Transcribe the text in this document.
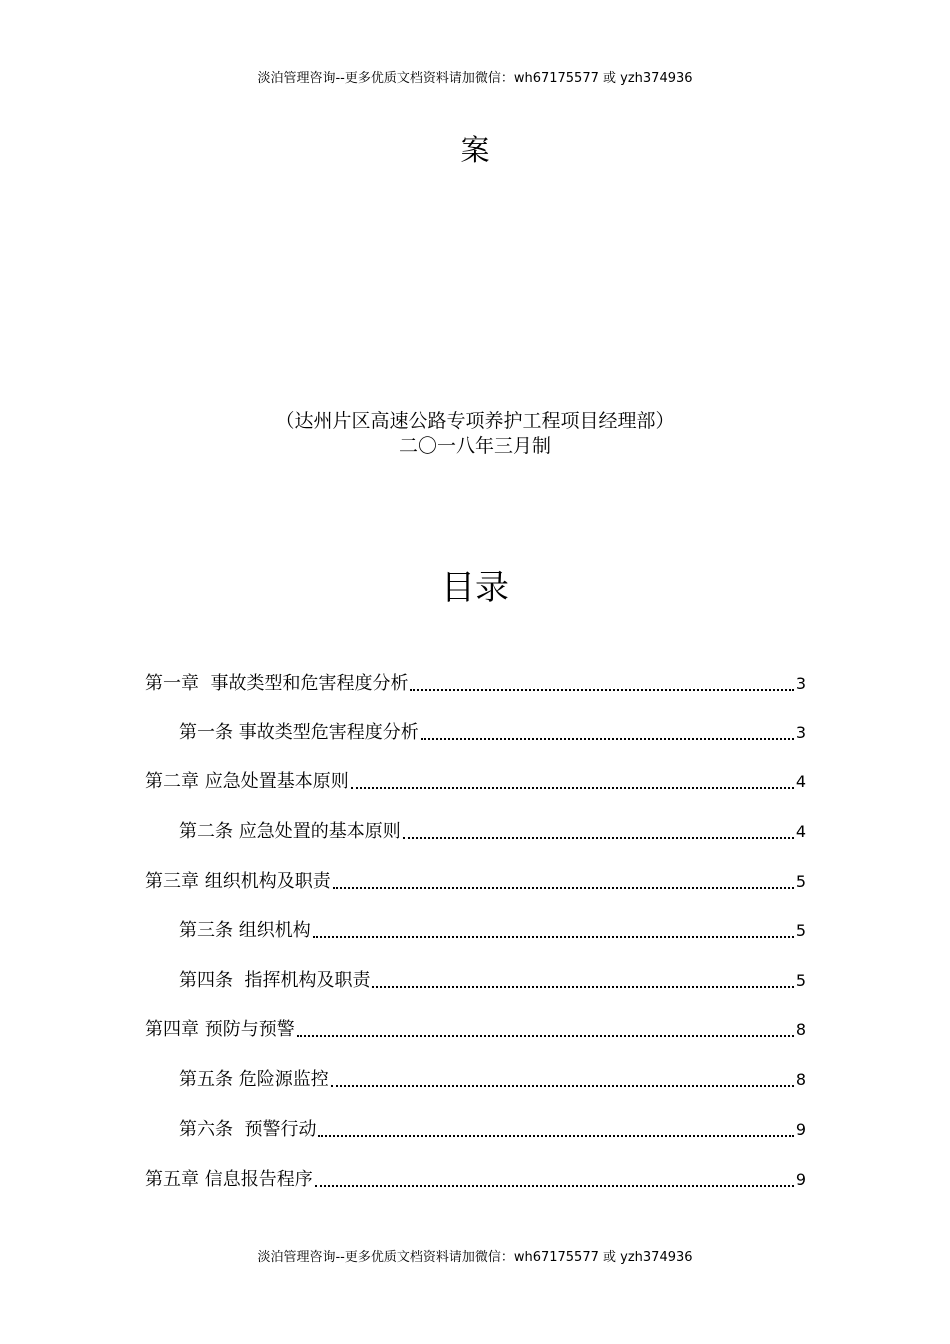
淡泊管理咨询--更多优质文档资料请加微信：wh67175577 或 yzh374936
案
（达州片区高速公路专项养护工程项目经理部）
二〇一八年三月制
目录
第一章  事故类型和危害程度分析	3
第一条 事故类型危害程度分析	3
第二章 应急处置基本原则	4
第二条 应急处置的基本原则	4
第三章 组织机构及职责	5
第三条 组织机构	5
第四条  指挥机构及职责	5
第四章 预防与预警	8
第五条 危险源监控	8
第六条  预警行动	9
第五章 信息报告程序	9
淡泊管理咨询--更多优质文档资料请加微信：wh67175577 或 yzh374936
